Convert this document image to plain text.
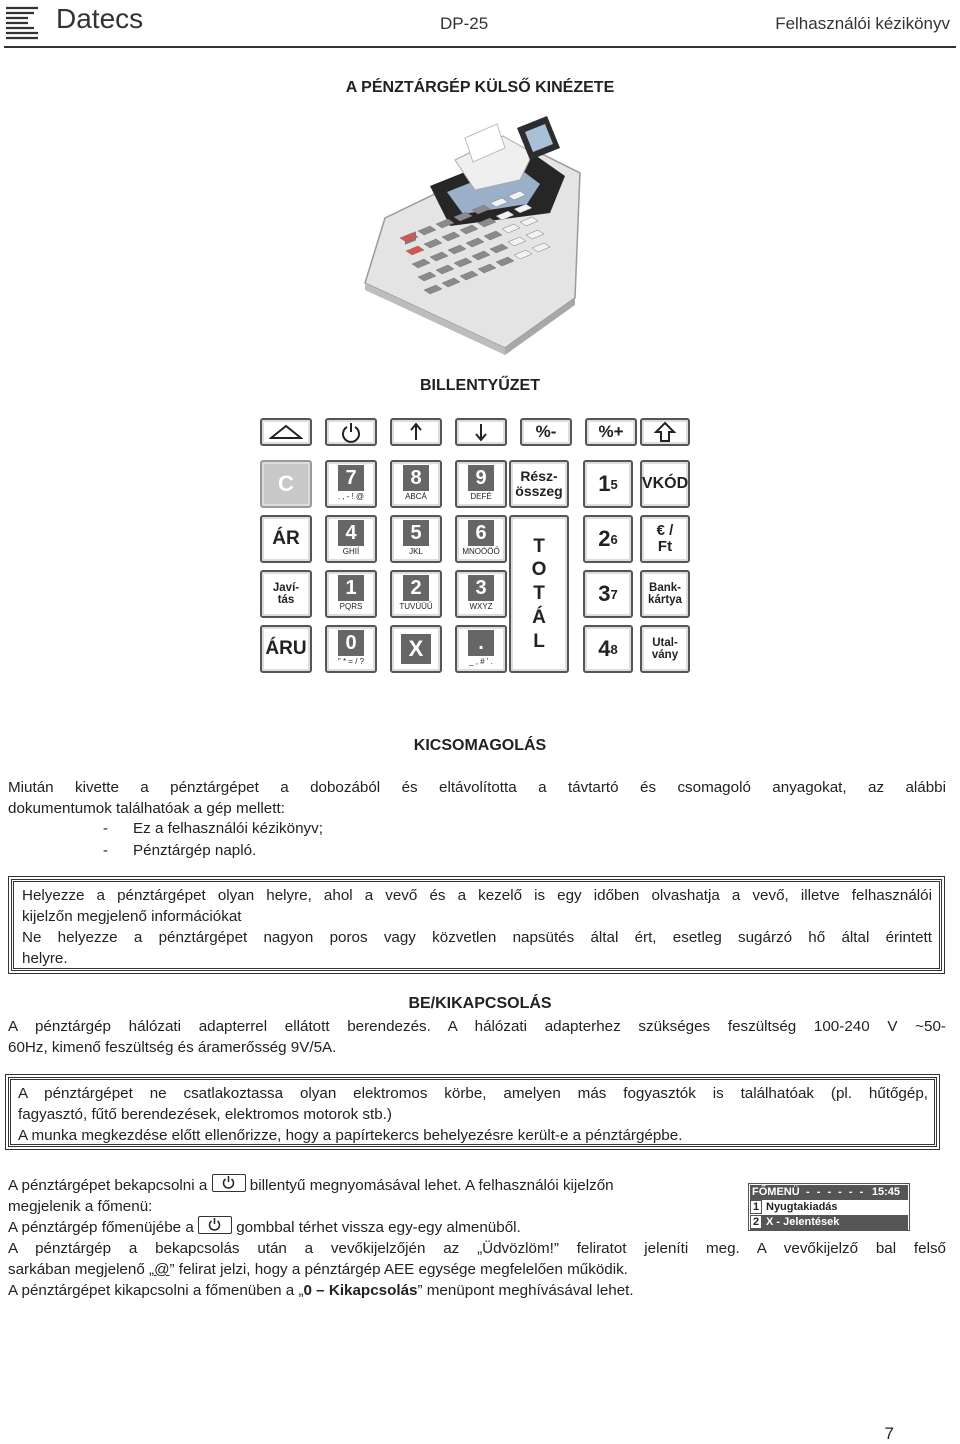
Datecs	DP-25	Felhasználói kézikönyv
A PÉNZTÁRGÉP KÜLSŐ KINÉZETE
BILLENTYŰZET
%-	%+
C
ÁR
Javí-
tás
ÁRU
7
. , - ! @
8
ABCÁ
9
DEFÉ
4
GHIÍ
5
JKL
6
MNOÓÖŐ
1
PQRS
2
TUVÚÜŰ
3
WXYZ
0
" * = / ?
X	.
_ , # ' .
Rész-
összeg
T
O
T
Á
L
1 5
2 6
3 7
4 8
VKÓD
€ /
Ft
Bank-
kártya
Utal-
vány
KICSOMAGOLÁS
Miután kivette a pénztárgépet a dobozából és eltávolította a távtartó és csomagoló anyagokat, az alábbi
dokumentumok találhatóak a gép mellett:
- Ez a felhasználói kézikönyv;
- Pénztárgép napló.
Helyezze a pénztárgépet olyan helyre, ahol a vevő és a kezelő is egy időben olvashatja a vevő, illetve felhasználói
kijelzőn megjelenő információkat
Ne helyezze a pénztárgépet nagyon poros vagy közvetlen napsütés által ért, esetleg sugárzó hő által érintett
helyre.
BE/KIKAPCSOLÁS
A pénztárgép hálózati adapterrel ellátott berendezés. A hálózati adapterhez szükséges feszültség 100-240 V ~50-
60Hz, kimenő feszültség és áramerősség 9V/5A.
A pénztárgépet ne csatlakoztassa olyan elektromos körbe, amelyen más fogyasztók is találhatóak (pl. hűtőgép,
fagyasztó, fűtő berendezések, elektromos motorok stb.)
A munka megkezdése előtt ellenőrizze, hogy a papírtekercs behelyezésre került-e a pénztárgépbe.
A pénztárgépet bekapcsolni a	billentyű megnyomásával lehet. A felhasználói kijelzőn
megjelenik a főmenü:
A pénztárgép főmenüjébe a	gombbal térhet vissza egy-egy almenüből.
FŐMENÜ - - - - - - 15:45
1 Nyugtakiadás
2 X - Jelentések
A pénztárgép a bekapcsolás után a vevőkijelzőjén az „Üdvözlöm!” feliratot jeleníti meg. A vevőkijelző bal felső
sarkában megjelenő „@” felirat jelzi, hogy a pénztárgép AEE egysége megfelelően működik.
A pénztárgépet kikapcsolni a főmenüben a „0 – Kikapcsolás” menüpont meghívásával lehet.
7
